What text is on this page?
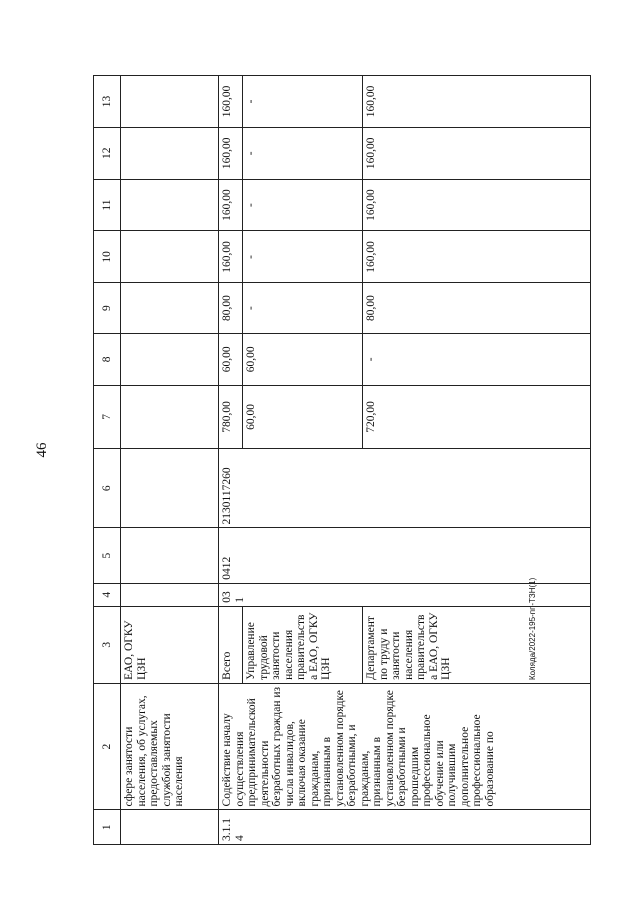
46
Коляда/2022-195-пп-ТЗН(1)
1	2	3	4	5	6	7	8	9	10	11	12	13
	сфере занятости населения, об услугах, предоставляемых службой занятости населения	ЕАО, ОГКУ ЦЗН										
3.1.14	Содействие началу осуществления предпринимательской деятельности безработных граждан из числа инвалидов, включая оказание гражданам, признанным в установленном порядке безработными, и гражданам, признанным в установленном порядке безработными и прошедшим профессиональное обучение или получившим дополнительное профессиональное образование по	Всего	031	0412	2130117260	780,00	60,00	80,00	160,00	160,00	160,00	160,00
		Управление трудовой занятости населения правительства ЕАО, ОГКУ ЦЗН				60,00	60,00	-	-	-	-	-
		Департамент по труду и занятости населения правительства ЕАО, ОГКУ ЦЗН				720,00	-	80,00	160,00	160,00	160,00	160,00
